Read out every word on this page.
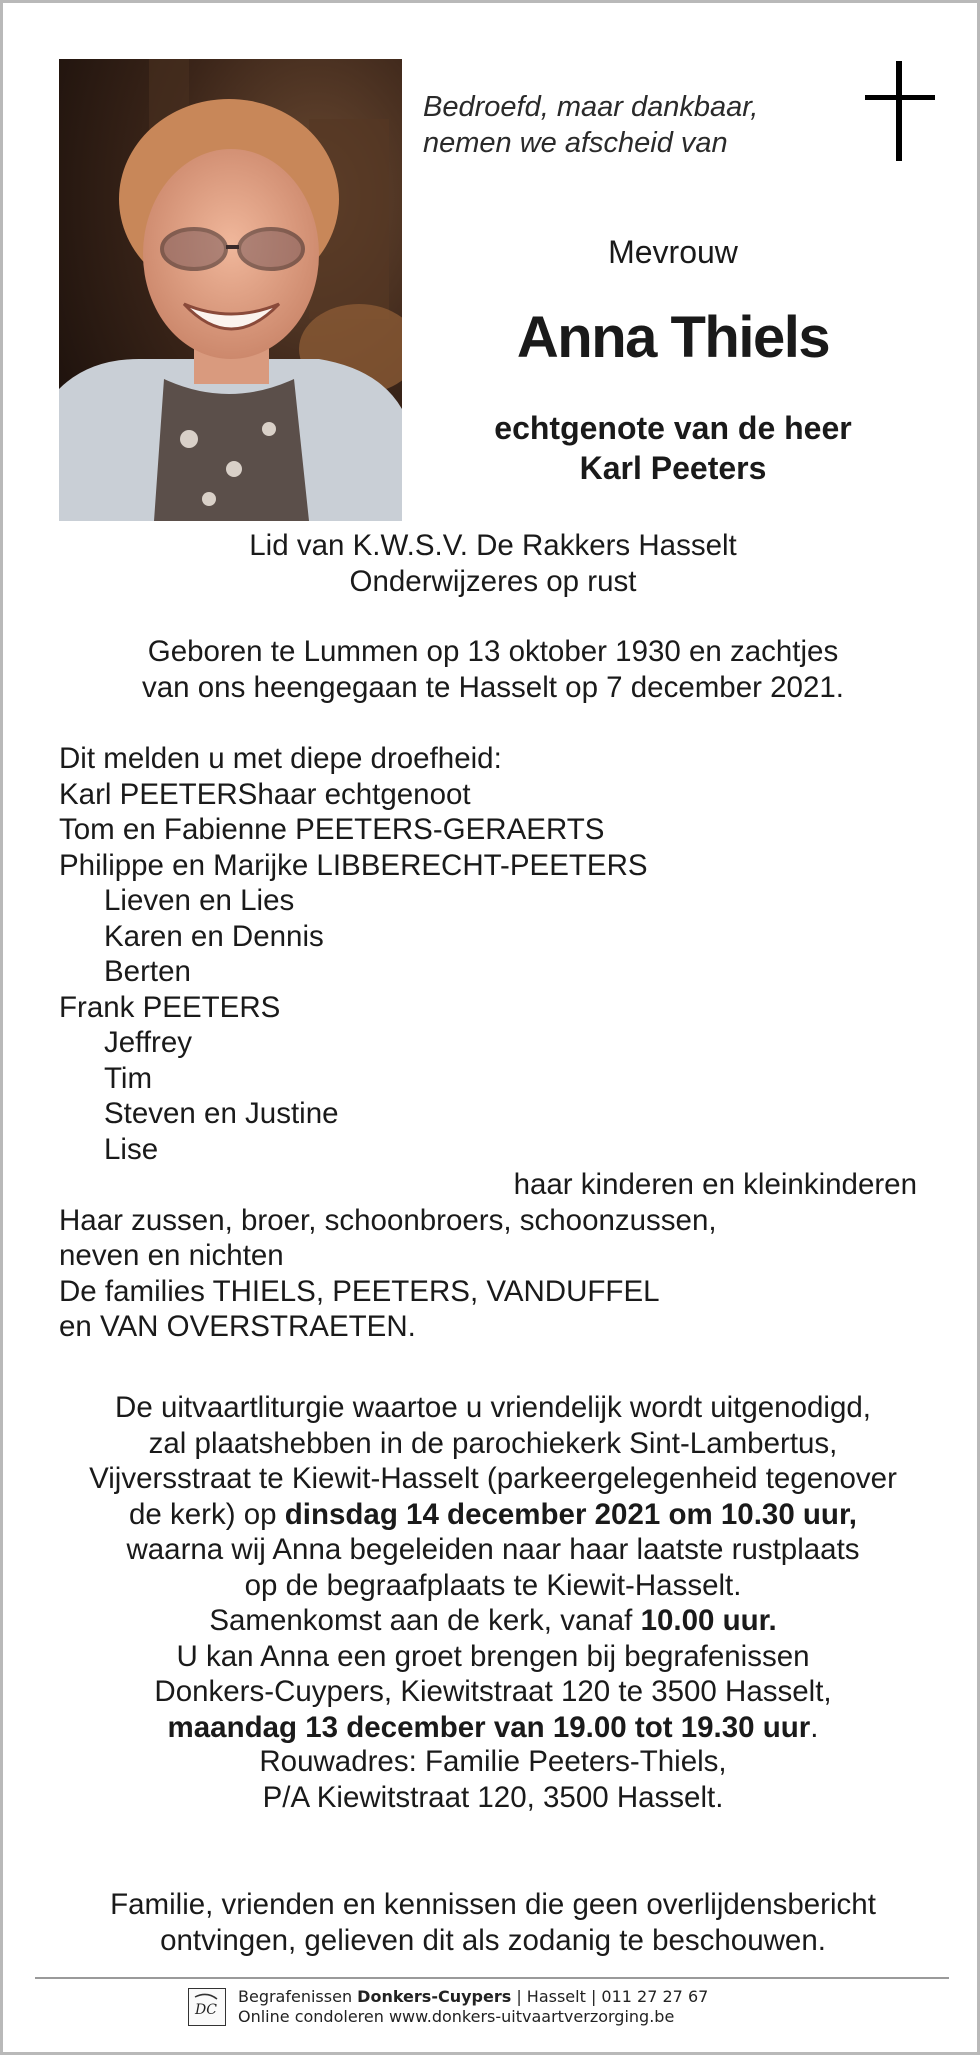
Bedroefd, maar dankbaar,
nemen we afscheid van
Mevrouw
Anna Thiels
echtgenote van de heer
Karl Peeters
Lid van K.W.S.V. De Rakkers Hasselt
Onderwijzeres op rust
Geboren te Lummen op 13 oktober 1930 en zachtjes
van ons heengegaan te Hasselt op 7 december 2021.
Dit melden u met diepe droefheid:
Karl PEETERShaar echtgenoot
Tom en Fabienne PEETERS-GERAERTS
Philippe en Marijke LIBBERECHT-PEETERS
Lieven en Lies
Karen en Dennis
Berten
Frank PEETERS
Jeffrey
Tim
Steven en Justine
Lise
haar kinderen en kleinkinderen
Haar zussen, broer, schoonbroers, schoonzussen,
neven en nichten
De families THIELS, PEETERS, VANDUFFEL
en VAN OVERSTRAETEN.
De uitvaartliturgie waartoe u vriendelijk wordt uitgenodigd,
zal plaatshebben in de parochiekerk Sint-Lambertus,
Vijversstraat te Kiewit-Hasselt (parkeergelegenheid tegenover
de kerk) op dinsdag 14 december 2021 om 10.30 uur,
waarna wij Anna begeleiden naar haar laatste rustplaats
op de begraafplaats te Kiewit-Hasselt.
Samenkomst aan de kerk, vanaf 10.00 uur.
U kan Anna een groet brengen bij begrafenissen
Donkers-Cuypers, Kiewitstraat 120 te 3500 Hasselt,
maandag 13 december van 19.00 tot 19.30 uur.
Rouwadres: Familie Peeters-Thiels,
P/A Kiewitstraat 120, 3500 Hasselt.
Familie, vrienden en kennissen die geen overlijdensbericht
ontvingen, gelieven dit als zodanig te beschouwen.
DC
Begrafenissen Donkers-Cuypers | Hasselt | 011 27 27 67
Online condoleren www.donkers-uitvaartverzorging.be
